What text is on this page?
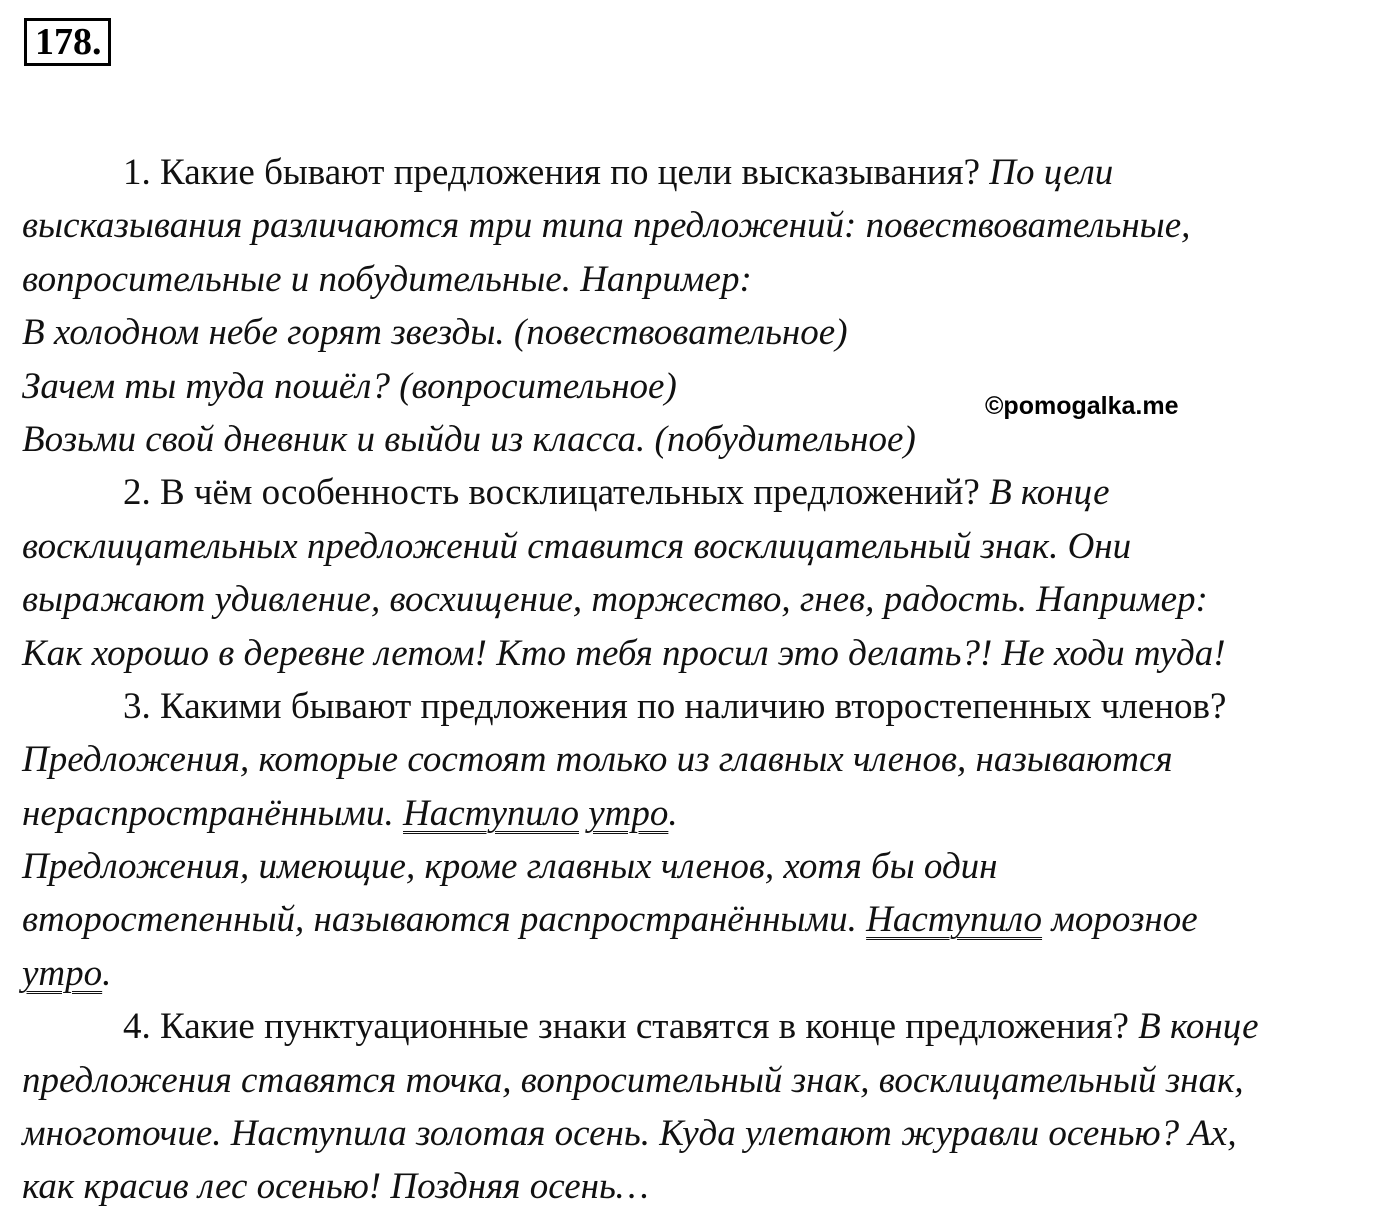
178.
©pomogalka.me
1. Какие бывают предложения по цели высказывания? По цели
высказывания различаются три типа предложений: повествовательные,
вопросительные и побудительные. Например:
В холодном небе горят звезды. (повествовательное)
Зачем ты туда пошёл? (вопросительное)
Возьми свой дневник и выйди из класса. (побудительное)
2. В чём особенность восклицательных предложений? В конце
восклицательных предложений ставится восклицательный знак. Они
выражают удивление, восхищение, торжество, гнев, радость. Например:
Как хорошо в деревне летом! Кто тебя просил это делать?! Не ходи туда!
3. Какими бывают предложения по наличию второстепенных членов?
Предложения, которые состоят только из главных членов, называются
нераспространёнными. Наступило утро.
Предложения, имеющие, кроме главных членов, хотя бы один
второстепенный, называются распространёнными. Наступило морозное
утро.
4. Какие пунктуационные знаки ставятся в конце предложения? В конце
предложения ставятся точка, вопросительный знак, восклицательный знак,
многоточие. Наступила золотая осень. Куда улетают журавли осенью? Ах,
как красив лес осенью! Поздняя осень…
